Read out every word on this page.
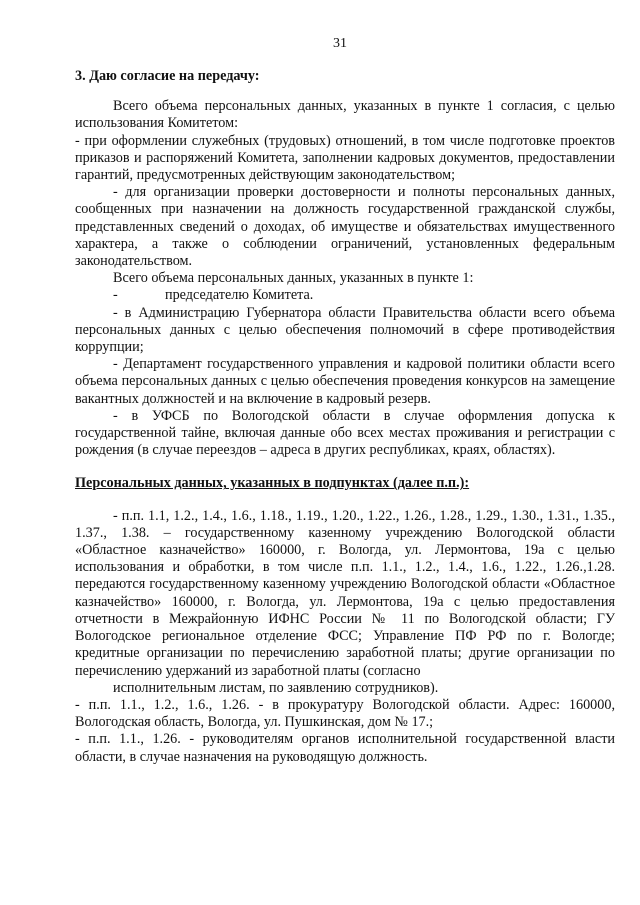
31

3. Даю согласие на передачу:

Всего объема персональных данных, указанных в пункте 1 согласия, с целью использования Комитетом:

- при оформлении служебных (трудовых) отношений, в том числе подготовке проектов приказов и распоряжений Комитета, заполнении кадровых документов, предоставлении гарантий, предусмотренных действующим законодательством;

- для организации проверки достоверности и полноты персональных данных, сообщенных при назначении на должность государственной гражданской службы, представленных сведений о доходах, об имуществе и обязательствах имущественного характера, а также о соблюдении ограничений, установленных федеральным законодательством.

Всего объема персональных данных, указанных в пункте 1:

-	председателю Комитета.

- в Администрацию Губернатора области Правительства области всего объема персональных данных с целью обеспечения полномочий в сфере противодействия коррупции;

- Департамент государственного управления и кадровой политики области всего объема персональных данных с целью обеспечения проведения конкурсов на замещение вакантных должностей и на включение в кадровый резерв.

- в УФСБ по Вологодской области в случае оформления допуска к государственной тайне, включая данные обо всех местах проживания и регистрации с рождения (в случае переездов – адреса в других республиках, краях, областях).

Персональных данных, указанных в подпунктах (далее п.п.):

- п.п. 1.1, 1.2., 1.4., 1.6., 1.18., 1.19., 1.20., 1.22., 1.26., 1.28., 1.29., 1.30., 1.31., 1.35., 1.37., 1.38. – государственному казенному учреждению Вологодской области «Областное казначейство» 160000, г. Вологда, ул. Лермонтова, 19а с целью использования и обработки, в том числе п.п. 1.1., 1.2., 1.4., 1.6., 1.22., 1.26.,1.28. передаются государственному казенному учреждению Вологодской области «Областное казначейство» 160000, г. Вологда, ул. Лермонтова, 19а с целью предоставления отчетности в Межрайонную ИФНС России № 11 по Вологодской области; ГУ Вологодское региональное отделение ФСС; Управление ПФ РФ по г. Вологде; кредитные организации по перечислению заработной платы; другие организации по перечислению удержаний из заработной платы (согласно

исполнительным листам, по заявлению сотрудников).

- п.п. 1.1., 1.2., 1.6., 1.26. - в прокуратуру Вологодской области. Адрес: 160000, Вологодская область, Вологда, ул. Пушкинская, дом № 17.;

- п.п. 1.1., 1.26. - руководителям органов исполнительной государственной власти области, в случае назначения на руководящую должность.
